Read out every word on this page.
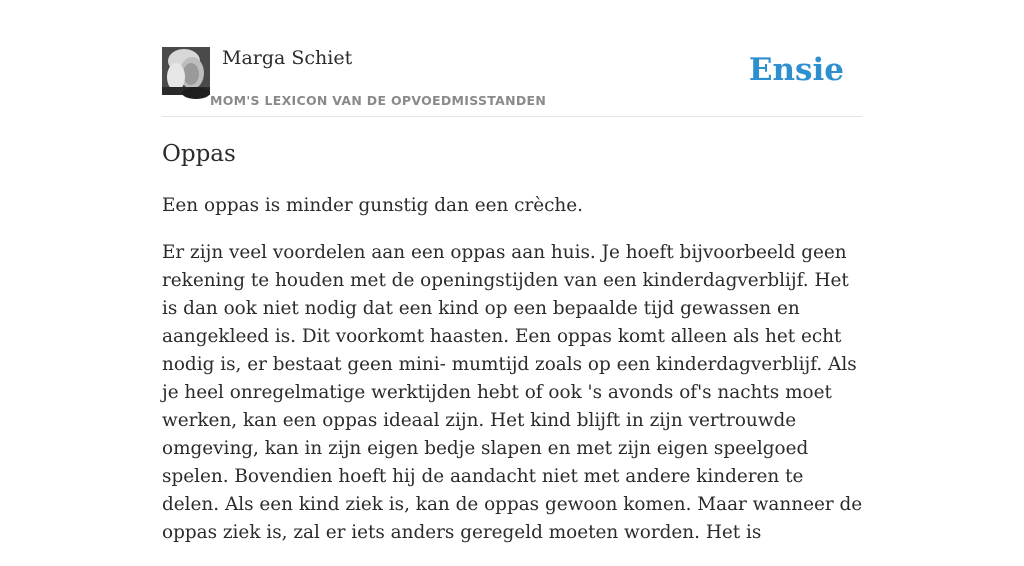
Marga Schiet
MOM'S LEXICON VAN DE OPVOEDMISSTANDEN
Ensie
Oppas

Een oppas is minder gunstig dan een crèche.

Er zijn veel voordelen aan een oppas aan huis. Je hoeft bijvoorbeeld geen rekening te houden met de openingstijden van een kinderdagverblijf. Het is dan ook niet nodig dat een kind op een bepaalde tijd gewassen en aangekleed is. Dit voorkomt haasten. Een oppas komt alleen als het echt nodig is, er bestaat geen mini- mumtijd zoals op een kinderdagverblijf. Als je heel onregelmatige werktijden hebt of ook 's avonds of's nachts moet werken, kan een oppas ideaal zijn. Het kind blijft in zijn vertrouwde omgeving, kan in zijn eigen bedje slapen en met zijn eigen speelgoed spelen. Bovendien hoeft hij de aandacht niet met andere kinderen te delen. Als een kind ziek is, kan de oppas gewoon komen. Maar wanneer de oppas ziek is, zal er iets anders geregeld moeten worden. Het is
